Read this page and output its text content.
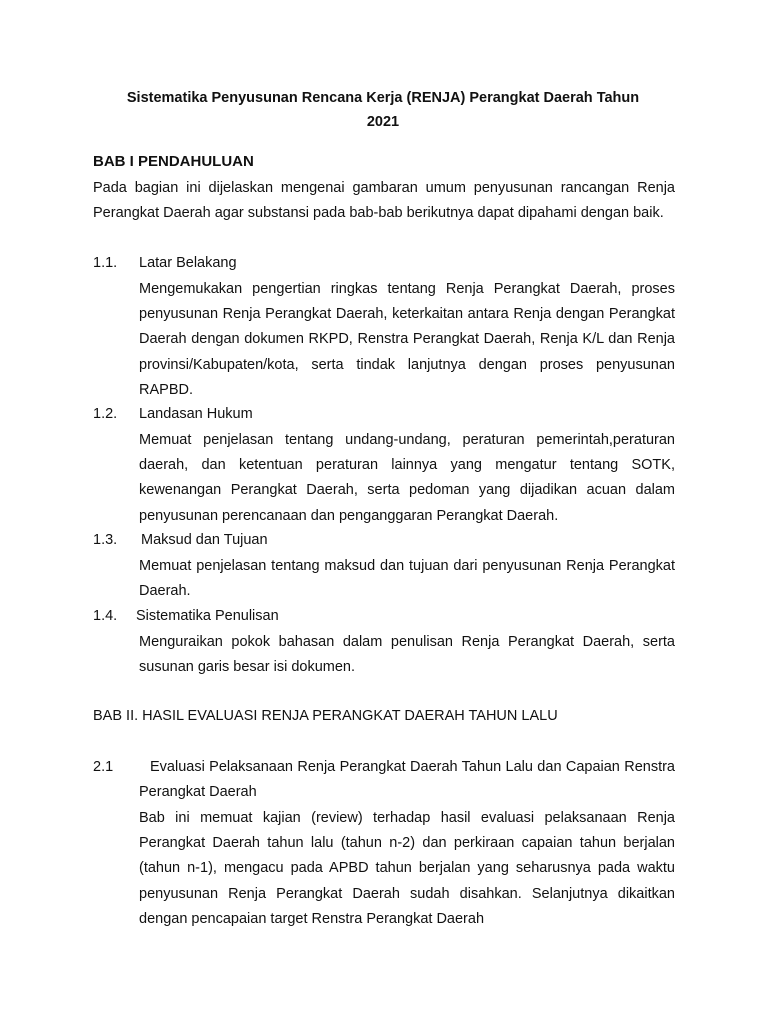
Sistematika Penyusunan Rencana Kerja (RENJA) Perangkat Daerah Tahun
2021
BAB I PENDAHULUAN

Pada bagian ini dijelaskan mengenai gambaran umum penyusunan rancangan Renja Perangkat Daerah agar substansi pada bab-bab berikutnya dapat dipahami dengan baik.

1.1. Latar Belakang

Mengemukakan pengertian ringkas tentang Renja Perangkat Daerah, proses penyusunan Renja Perangkat Daerah, keterkaitan antara Renja dengan Perangkat Daerah dengan dokumen RKPD, Renstra Perangkat Daerah, Renja K/L dan Renja provinsi/Kabupaten/kota, serta tindak lanjutnya dengan proses penyusunan RAPBD.

1.2. Landasan Hukum

Memuat penjelasan tentang undang-undang, peraturan pemerintah,peraturan daerah, dan ketentuan peraturan lainnya yang mengatur tentang SOTK, kewenangan Perangkat Daerah, serta pedoman yang dijadikan acuan dalam penyusunan perencanaan dan penganggaran Perangkat Daerah.

1.3. Maksud dan Tujuan

Memuat penjelasan tentang maksud dan tujuan dari penyusunan Renja Perangkat Daerah.

1.4. Sistematika Penulisan

Menguraikan pokok bahasan dalam penulisan Renja Perangkat Daerah, serta susunan garis besar isi dokumen.

BAB II. HASIL EVALUASI RENJA PERANGKAT DAERAH TAHUN LALU
2.1	Evaluasi Pelaksanaan Renja Perangkat Daerah Tahun Lalu dan Capaian Renstra Perangkat Daerah

Bab ini memuat kajian (review) terhadap hasil evaluasi pelaksanaan Renja Perangkat Daerah tahun lalu (tahun n-2) dan perkiraan capaian tahun berjalan (tahun n-1), mengacu pada APBD tahun berjalan yang seharusnya pada waktu penyusunan Renja Perangkat Daerah sudah disahkan. Selanjutnya dikaitkan dengan pencapaian target Renstra Perangkat Daerah
